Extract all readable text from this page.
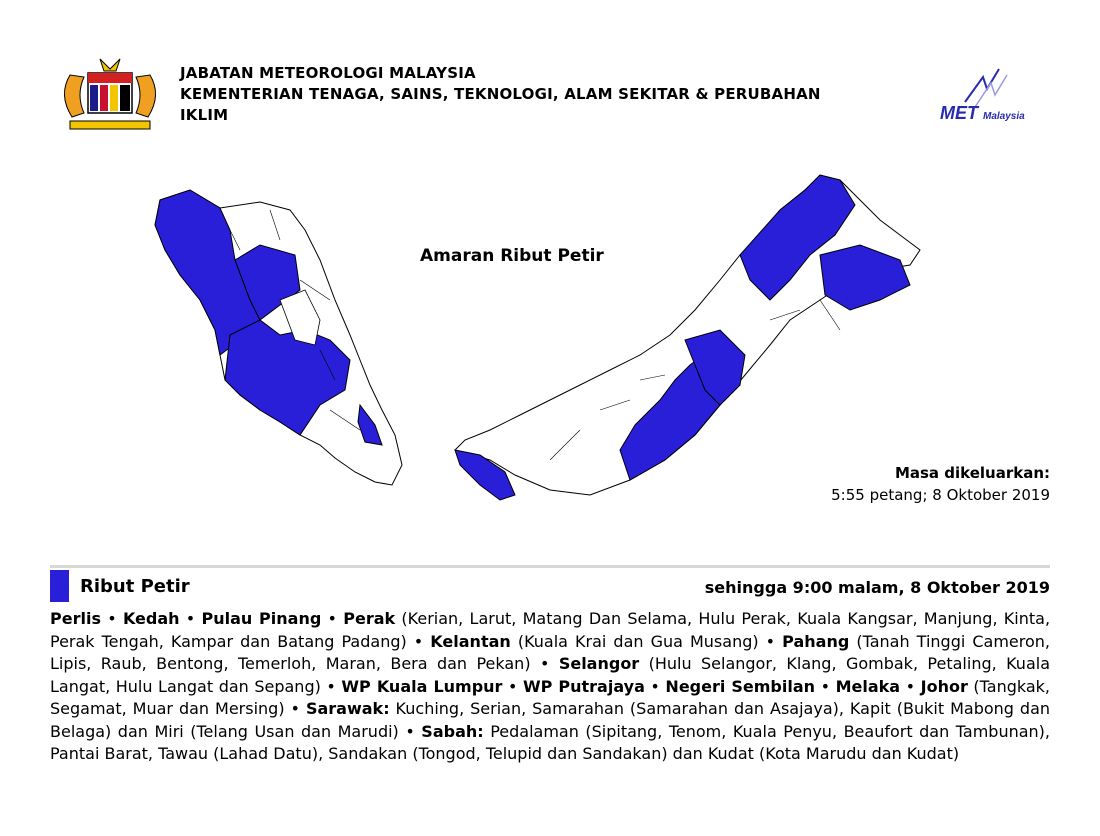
JABATAN METEOROLOGI MALAYSIA
KEMENTERIAN TENAGA, SAINS, TEKNOLOGI, ALAM SEKITAR & PERUBAHAN
IKLIM	MET Malaysia
Amaran Ribut Petir
Masa dikeluarkan:
5:55 petang; 8 Oktober 2019
Ribut Petir	sehingga 9:00 malam, 8 Oktober 2019
Perlis • Kedah • Pulau Pinang • Perak (Kerian, Larut, Matang Dan Selama, Hulu Perak, Kuala Kangsar, Manjung, Kinta, Perak Tengah, Kampar dan Batang Padang) • Kelantan (Kuala Krai dan Gua Musang) • Pahang (Tanah Tinggi Cameron, Lipis, Raub, Bentong, Temerloh, Maran, Bera dan Pekan) • Selangor (Hulu Selangor, Klang, Gombak, Petaling, Kuala Langat, Hulu Langat dan Sepang) • WP Kuala Lumpur • WP Putrajaya • Negeri Sembilan • Melaka • Johor (Tangkak, Segamat, Muar dan Mersing) • Sarawak: Kuching, Serian, Samarahan (Samarahan dan Asajaya), Kapit (Bukit Mabong dan Belaga) dan Miri (Telang Usan dan Marudi) • Sabah: Pedalaman (Sipitang, Tenom, Kuala Penyu, Beaufort dan Tambunan), Pantai Barat, Tawau (Lahad Datu), Sandakan (Tongod, Telupid dan Sandakan) dan Kudat (Kota Marudu dan Kudat)
